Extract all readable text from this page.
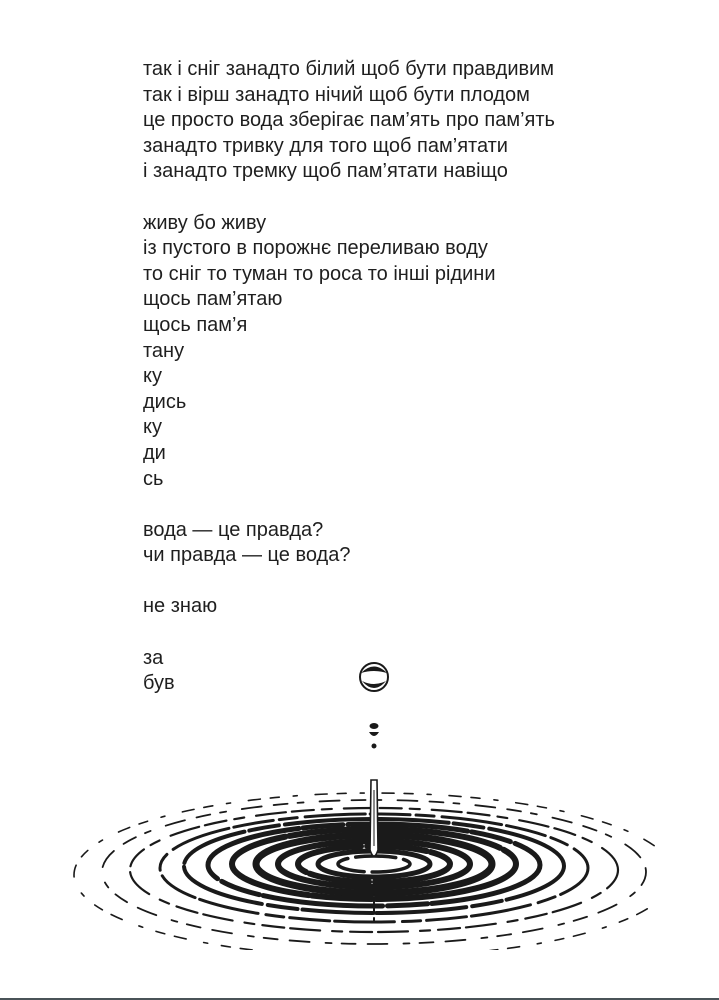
так і сніг занадто білий щоб бути правдивим
так і вірш занадто нічий щоб бути плодом
це просто вода зберігає пам’ять про пам’ять
занадто тривку для того щоб пам’ятати
і занадто тремку щоб пам’ятати навіщо
живу бо живу
із пустого в порожнє переливаю воду
то сніг то туман то роса то інші рідини
щось пам’ятаю
щось пам’я
тану
ку
дись
ку
ди
сь
вода — це правда?
чи правда — це вода?
не знаю
за
був
